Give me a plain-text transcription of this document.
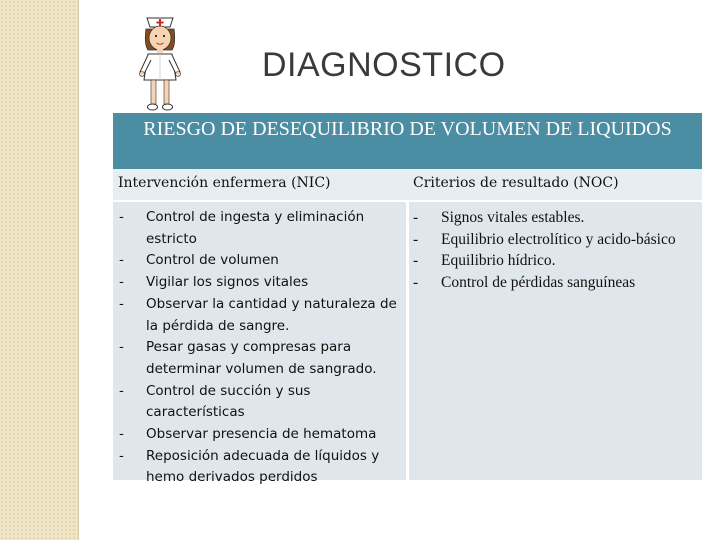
DIAGNOSTICO
RIESGO DE DESEQUILIBRIO DE VOLUMEN DE LIQUIDOS
Intervención enfermera (NIC)	Criterios de resultado (NOC)
- Control de ingesta y eliminación estricto
- Control de volumen
- Vigilar los signos vitales
- Observar la cantidad y naturaleza de la pérdida de sangre.
- Pesar gasas y compresas para determinar volumen de sangrado.
- Control de succión y sus características
- Observar presencia de hematoma
- Reposición adecuada de líquidos y hemo derivados perdidos
- Signos vitales estables.
- Equilibrio electrolítico y acido-básico
- Equilibrio hídrico.
- Control de pérdidas sanguíneas
